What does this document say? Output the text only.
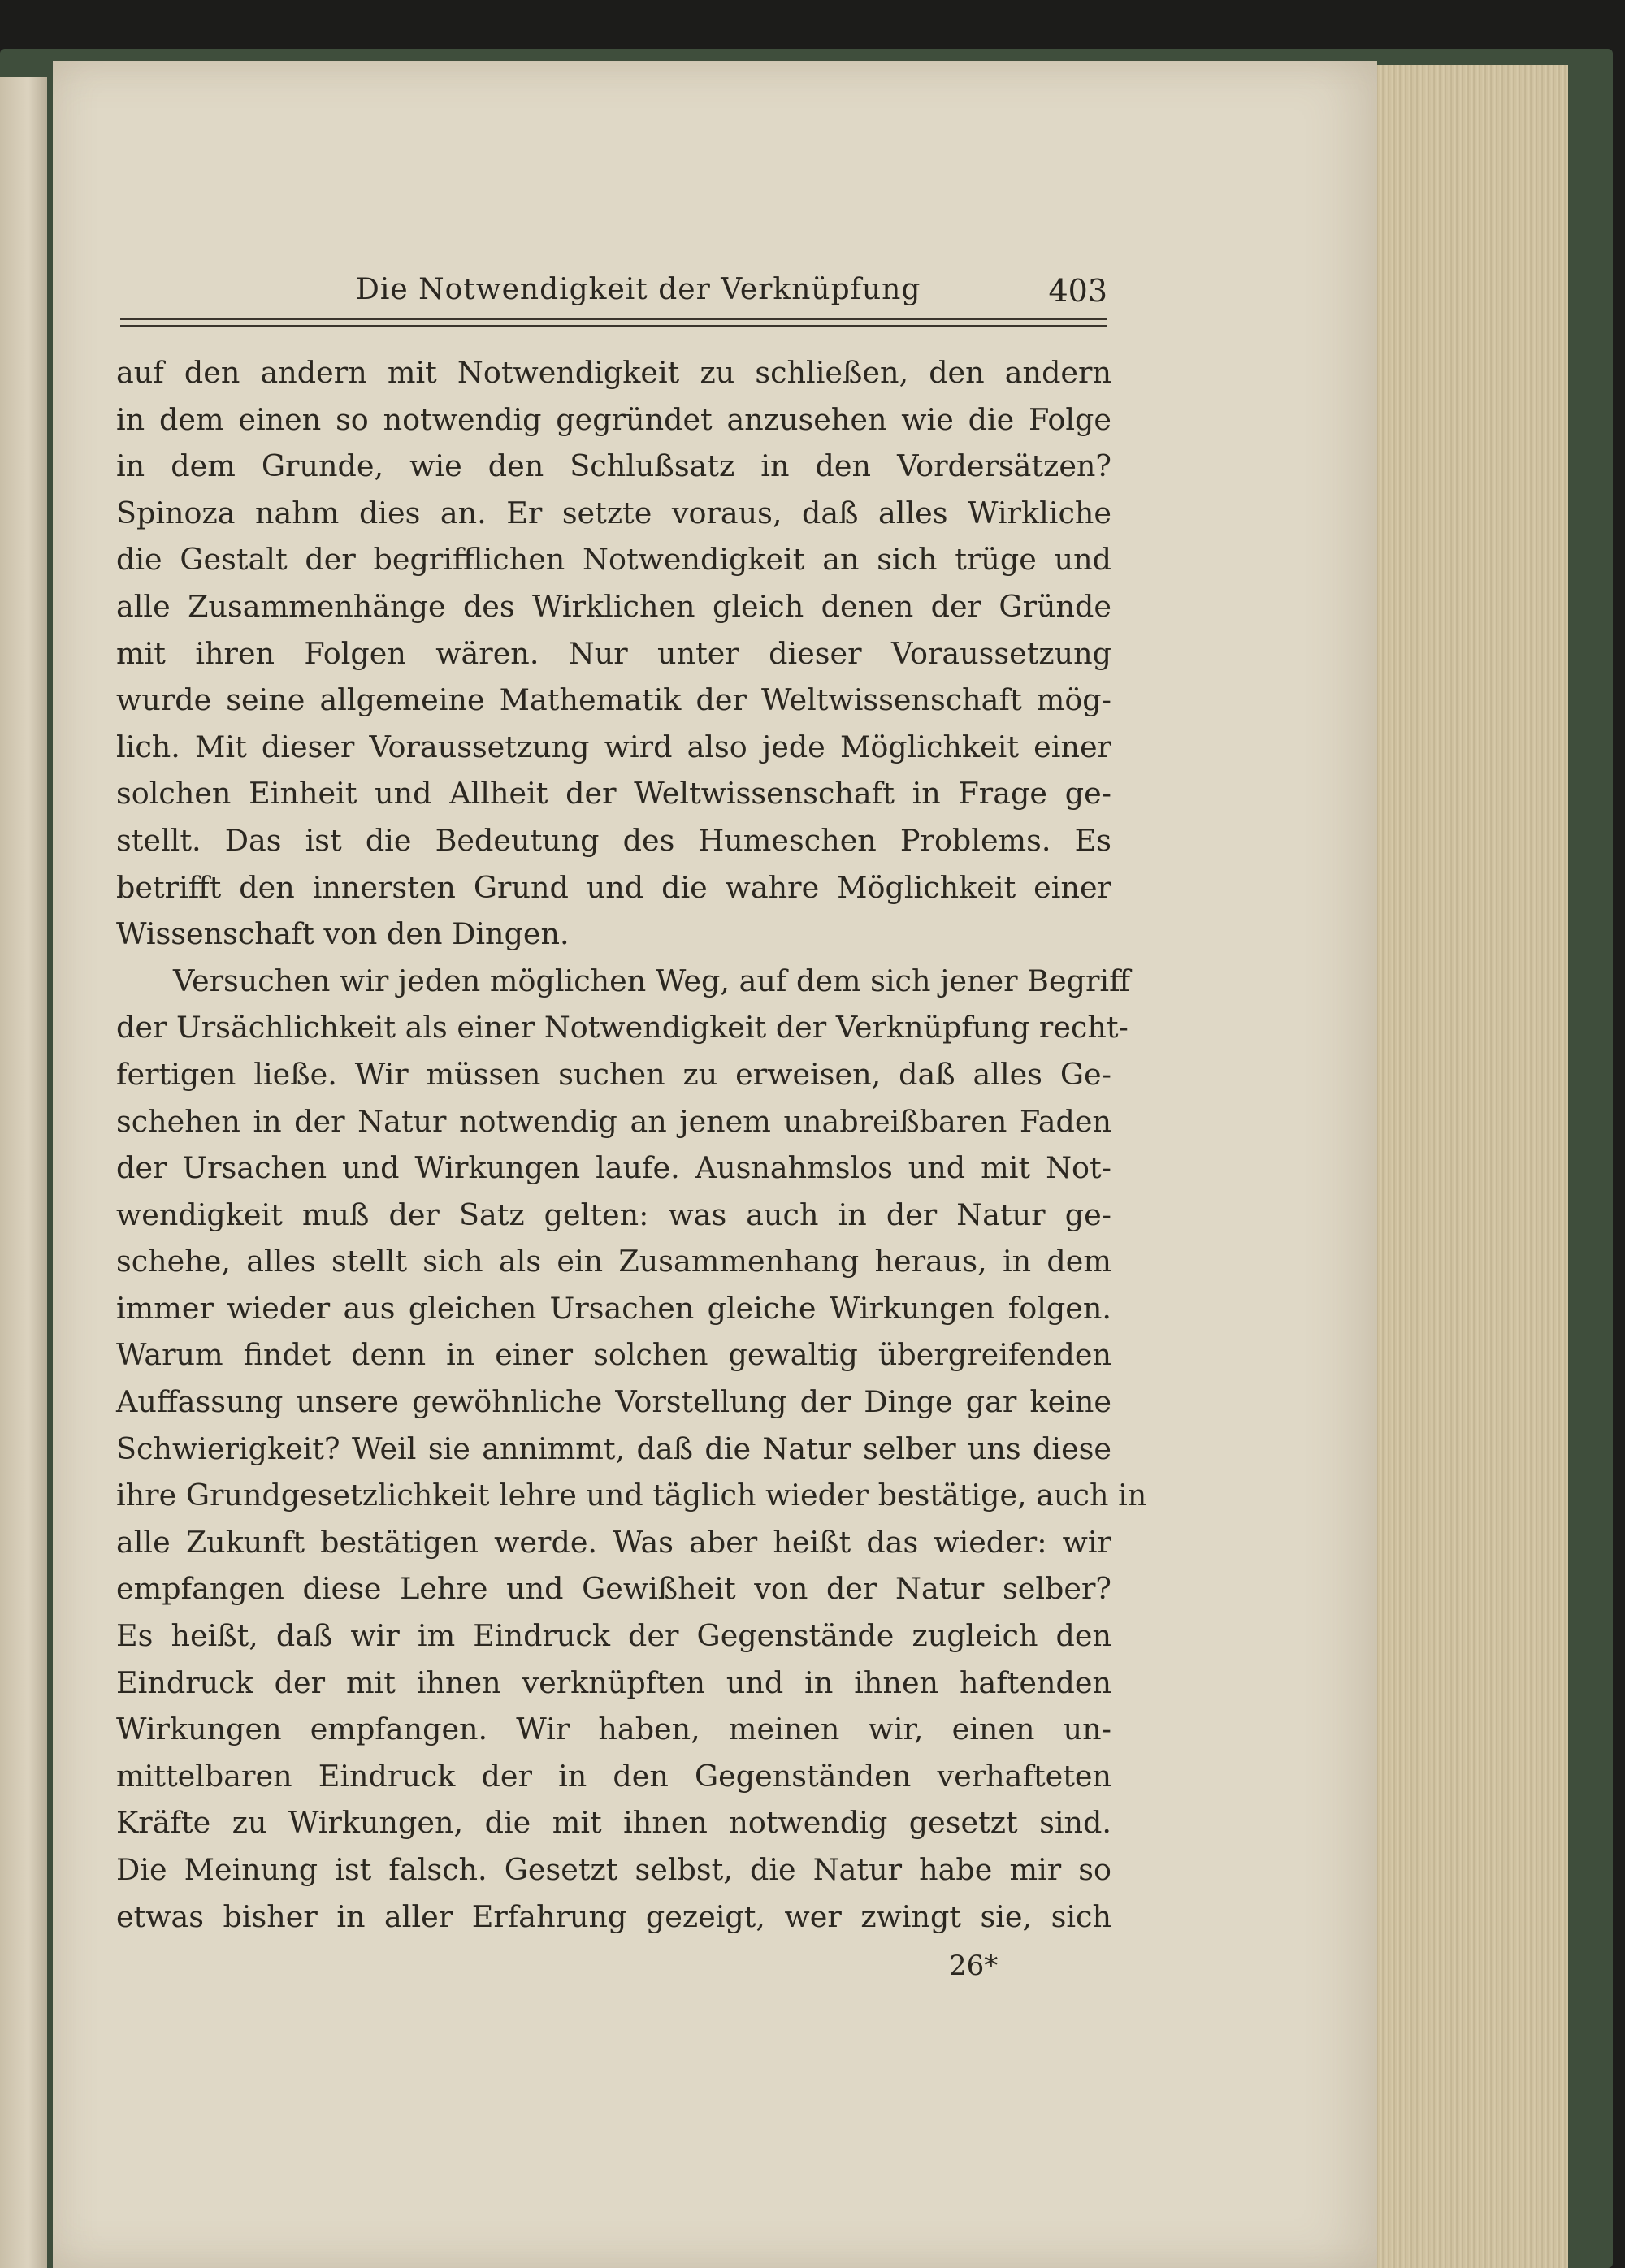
Die Notwendigkeit der Verknüpfung	403
auf den andern mit Notwendigkeit zu schließen, den andern
in dem einen so notwendig gegründet anzusehen wie die Folge
in dem Grunde, wie den Schlußsatz in den Vordersätzen?
Spinoza nahm dies an. Er setzte voraus, daß alles Wirkliche
die Gestalt der begrifflichen Notwendigkeit an sich trüge und
alle Zusammenhänge des Wirklichen gleich denen der Gründe
mit ihren Folgen wären. Nur unter dieser Voraussetzung
wurde seine allgemeine Mathematik der Weltwissenschaft mög-
lich. Mit dieser Voraussetzung wird also jede Möglichkeit einer
solchen Einheit und Allheit der Weltwissenschaft in Frage ge-
stellt. Das ist die Bedeutung des Humeschen Problems. Es
betrifft den innersten Grund und die wahre Möglichkeit einer
Wissenschaft von den Dingen.
Versuchen wir jeden möglichen Weg, auf dem sich jener Begriff
der Ursächlichkeit als einer Notwendigkeit der Verknüpfung recht-
fertigen ließe. Wir müssen suchen zu erweisen, daß alles Ge-
schehen in der Natur notwendig an jenem unabreißbaren Faden
der Ursachen und Wirkungen laufe. Ausnahmslos und mit Not-
wendigkeit muß der Satz gelten: was auch in der Natur ge-
schehe, alles stellt sich als ein Zusammenhang heraus, in dem
immer wieder aus gleichen Ursachen gleiche Wirkungen folgen.
Warum findet denn in einer solchen gewaltig übergreifenden
Auffassung unsere gewöhnliche Vorstellung der Dinge gar keine
Schwierigkeit? Weil sie annimmt, daß die Natur selber uns diese
ihre Grundgesetzlichkeit lehre und täglich wieder bestätige, auch in
alle Zukunft bestätigen werde. Was aber heißt das wieder: wir
empfangen diese Lehre und Gewißheit von der Natur selber?
Es heißt, daß wir im Eindruck der Gegenstände zugleich den
Eindruck der mit ihnen verknüpften und in ihnen haftenden
Wirkungen empfangen. Wir haben, meinen wir, einen un-
mittelbaren Eindruck der in den Gegenständen verhafteten
Kräfte zu Wirkungen, die mit ihnen notwendig gesetzt sind.
Die Meinung ist falsch. Gesetzt selbst, die Natur habe mir so
etwas bisher in aller Erfahrung gezeigt, wer zwingt sie, sich
26*
